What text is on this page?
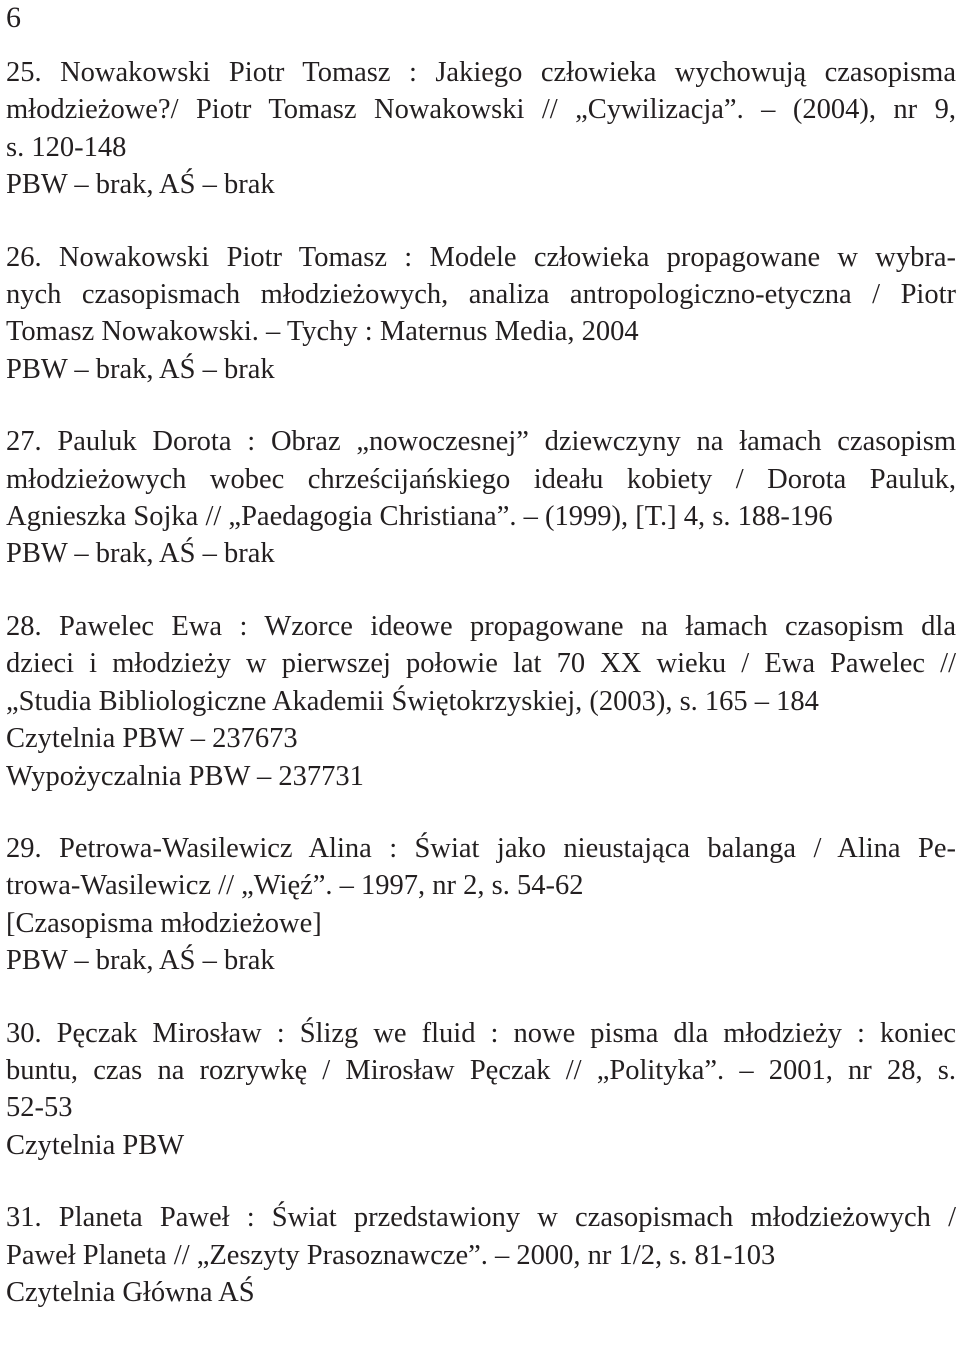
6
25. Nowakowski Piotr Tomasz : Jakiego człowieka wychowują czasopisma
młodzieżowe?/ Piotr Tomasz Nowakowski // „Cywilizacja”. – (2004), nr 9,
s. 120-148
PBW – brak, AŚ – brak
26. Nowakowski Piotr Tomasz : Modele człowieka propagowane w wybra-
nych czasopismach młodzieżowych, analiza antropologiczno-etyczna / Piotr
Tomasz Nowakowski. – Tychy : Maternus Media, 2004
PBW – brak, AŚ – brak
27. Pauluk Dorota : Obraz „nowoczesnej” dziewczyny na łamach czasopism
młodzieżowych wobec chrześcijańskiego ideału kobiety / Dorota Pauluk,
Agnieszka Sojka // „Paedagogia Christiana”. – (1999), [T.] 4, s. 188-196
PBW – brak, AŚ – brak
28. Pawelec Ewa : Wzorce ideowe propagowane na łamach czasopism dla
dzieci i młodzieży w pierwszej połowie lat 70 XX wieku / Ewa Pawelec //
„Studia Bibliologiczne Akademii Świętokrzyskiej, (2003), s. 165 – 184
Czytelnia PBW – 237673
Wypożyczalnia PBW – 237731
29. Petrowa-Wasilewicz Alina : Świat jako nieustająca balanga / Alina Pe-
trowa-Wasilewicz // „Więź”. – 1997, nr 2, s. 54-62
[Czasopisma młodzieżowe]
PBW – brak, AŚ – brak
30. Pęczak Mirosław : Ślizg we fluid : nowe pisma dla młodzieży : koniec
buntu, czas na rozrywkę / Mirosław Pęczak // „Polityka”. – 2001, nr 28, s.
52-53
Czytelnia PBW
31. Planeta Paweł : Świat przedstawiony w czasopismach młodzieżowych /
Paweł Planeta // „Zeszyty Prasoznawcze”. – 2000, nr 1/2, s. 81-103
Czytelnia Główna AŚ
